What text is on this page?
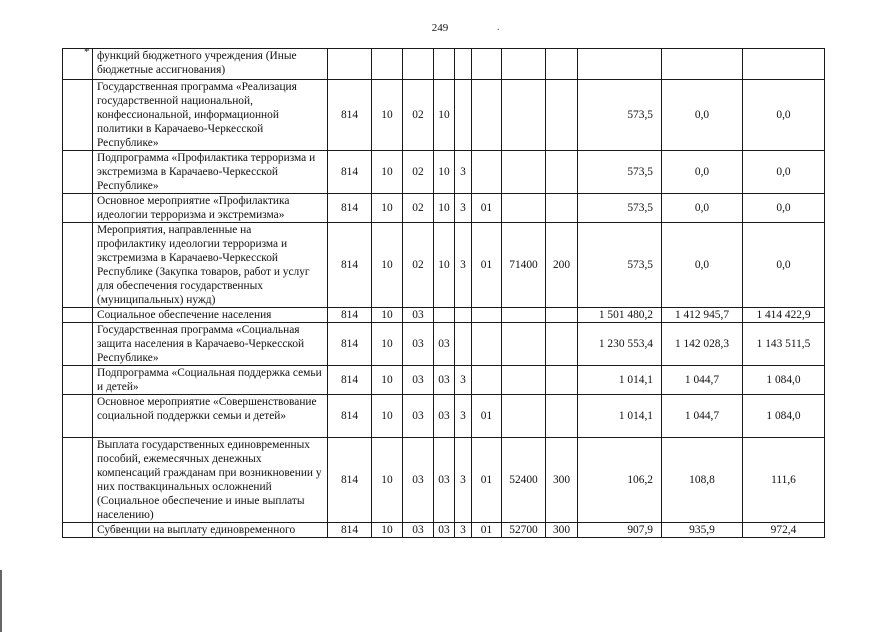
249	.
*
	функций бюджетного учреждения (Иные бюджетные ассигнования)											
	Государственная программа «Реализация государственной национальной, конфессиональной, информационной политики в Карачаево-Черкесской Республике»	814	10	02	10					573,5	0,0	0,0
	Подпрограмма «Профилактика терроризма и экстремизма в Карачаево-Черкесской Республике»	814	10	02	10	3				573,5	0,0	0,0
	Основное мероприятие «Профилактика идеологии терроризма и экстремизма»	814	10	02	10	3	01			573,5	0,0	0,0
	Мероприятия, направленные на профилактику идеологии терроризма и экстремизма в Карачаево-Черкесской Республике (Закупка товаров, работ и услуг для обеспечения государственных (муниципальных) нужд)	814	10	02	10	3	01	71400	200	573,5	0,0	0,0
	Социальное обеспечение населения	814	10	03						1 501 480,2	1 412 945,7	1 414 422,9
	Государственная программа «Социальная защита населения в Карачаево-Черкесской Республике»	814	10	03	03					1 230 553,4	1 142 028,3	1 143 511,5
	Подпрограмма «Социальная поддержка семьи и детей»	814	10	03	03	3				1 014,1	1 044,7	1 084,0
	Основное мероприятие «Совершенствование социальной поддержки семьи и детей»	814	10	03	03	3	01			1 014,1	1 044,7	1 084,0
	Выплата государственных единовременных пособий, ежемесячных денежных компенсаций гражданам при возникновении у них поствакцинальных осложнений (Социальное обеспечение и иные выплаты населению)	814	10	03	03	3	01	52400	300	106,2	108,8	111,6
	Субвенции на выплату единовременного	814	10	03	03	3	01	52700	300	907,9	935,9	972,4
